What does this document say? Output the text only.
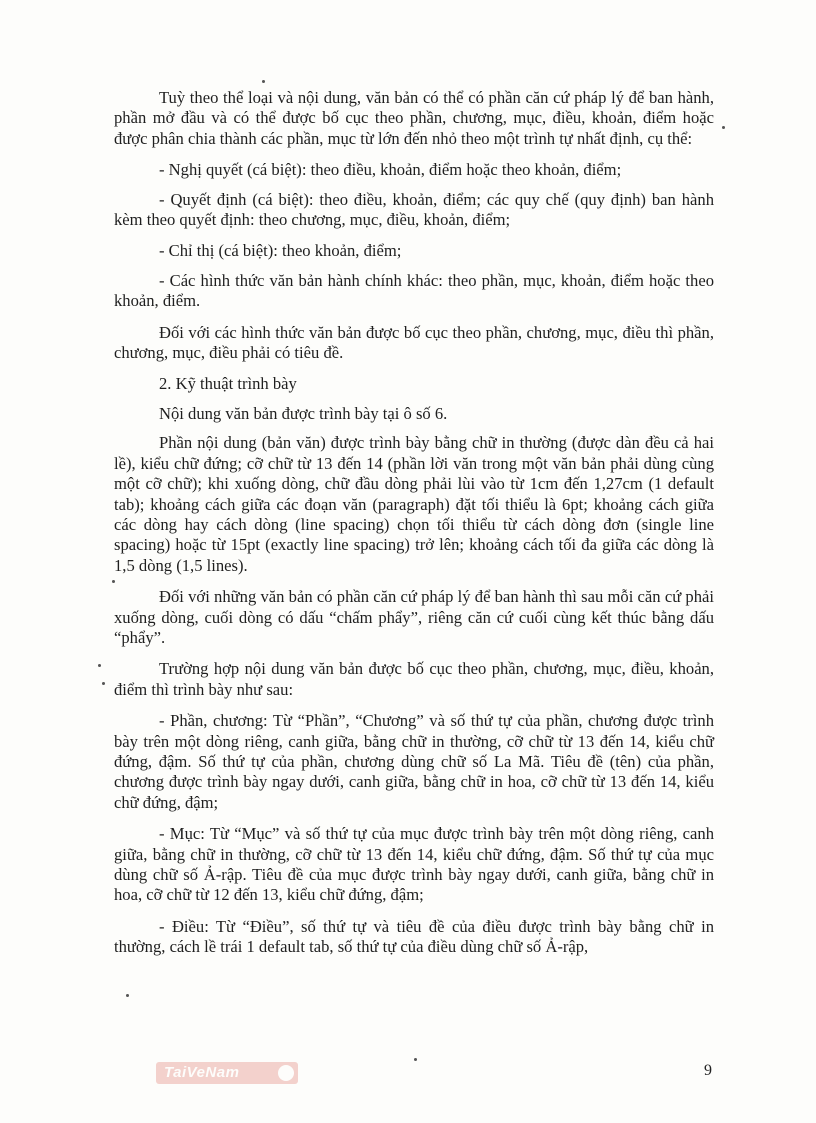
Tuỳ theo thể loại và nội dung, văn bản có thể có phần căn cứ pháp lý để ban hành, phần mở đầu và có thể được bố cục theo phần, chương, mục, điều, khoản, điểm hoặc được phân chia thành các phần, mục từ lớn đến nhỏ theo một trình tự nhất định, cụ thể:

- Nghị quyết (cá biệt): theo điều, khoản, điểm hoặc theo khoản, điểm;

- Quyết định (cá biệt): theo điều, khoản, điểm; các quy chế (quy định) ban hành kèm theo quyết định: theo chương, mục, điều, khoản, điểm;

- Chỉ thị (cá biệt): theo khoản, điểm;

- Các hình thức văn bản hành chính khác: theo phần, mục, khoản, điểm hoặc theo khoản, điểm.

Đối với các hình thức văn bản được bố cục theo phần, chương, mục, điều thì phần, chương, mục, điều phải có tiêu đề.

2. Kỹ thuật trình bày

Nội dung văn bản được trình bày tại ô số 6.

Phần nội dung (bản văn) được trình bày bằng chữ in thường (được dàn đều cả hai lề), kiểu chữ đứng; cỡ chữ từ 13 đến 14 (phần lời văn trong một văn bản phải dùng cùng một cỡ chữ); khi xuống dòng, chữ đầu dòng phải lùi vào từ 1cm đến 1,27cm (1 default tab); khoảng cách giữa các đoạn văn (paragraph) đặt tối thiểu là 6pt; khoảng cách giữa các dòng hay cách dòng (line spacing) chọn tối thiểu từ cách dòng đơn (single line spacing) hoặc từ 15pt (exactly line spacing) trở lên; khoảng cách tối đa giữa các dòng là 1,5 dòng (1,5 lines).

Đối với những văn bản có phần căn cứ pháp lý để ban hành thì sau mỗi căn cứ phải xuống dòng, cuối dòng có dấu “chấm phẩy”, riêng căn cứ cuối cùng kết thúc bằng dấu “phẩy”.

Trường hợp nội dung văn bản được bố cục theo phần, chương, mục, điều, khoản, điểm thì trình bày như sau:

- Phần, chương: Từ “Phần”, “Chương” và số thứ tự của phần, chương được trình bày trên một dòng riêng, canh giữa, bằng chữ in thường, cỡ chữ từ 13 đến 14, kiểu chữ đứng, đậm. Số thứ tự của phần, chương dùng chữ số La Mã. Tiêu đề (tên) của phần, chương được trình bày ngay dưới, canh giữa, bằng chữ in hoa, cỡ chữ từ 13 đến 14, kiểu chữ đứng, đậm;

- Mục: Từ “Mục” và số thứ tự của mục được trình bày trên một dòng riêng, canh giữa, bằng chữ in thường, cỡ chữ từ 13 đến 14, kiểu chữ đứng, đậm. Số thứ tự của mục dùng chữ số Ả-rập. Tiêu đề của mục được trình bày ngay dưới, canh giữa, bằng chữ in hoa, cỡ chữ từ 12 đến 13, kiểu chữ đứng, đậm;

- Điều: Từ “Điều”, số thứ tự và tiêu đề của điều được trình bày bằng chữ in thường, cách lề trái 1 default tab, số thứ tự của điều dùng chữ số Ả-rập,

TaiVeNam	9
